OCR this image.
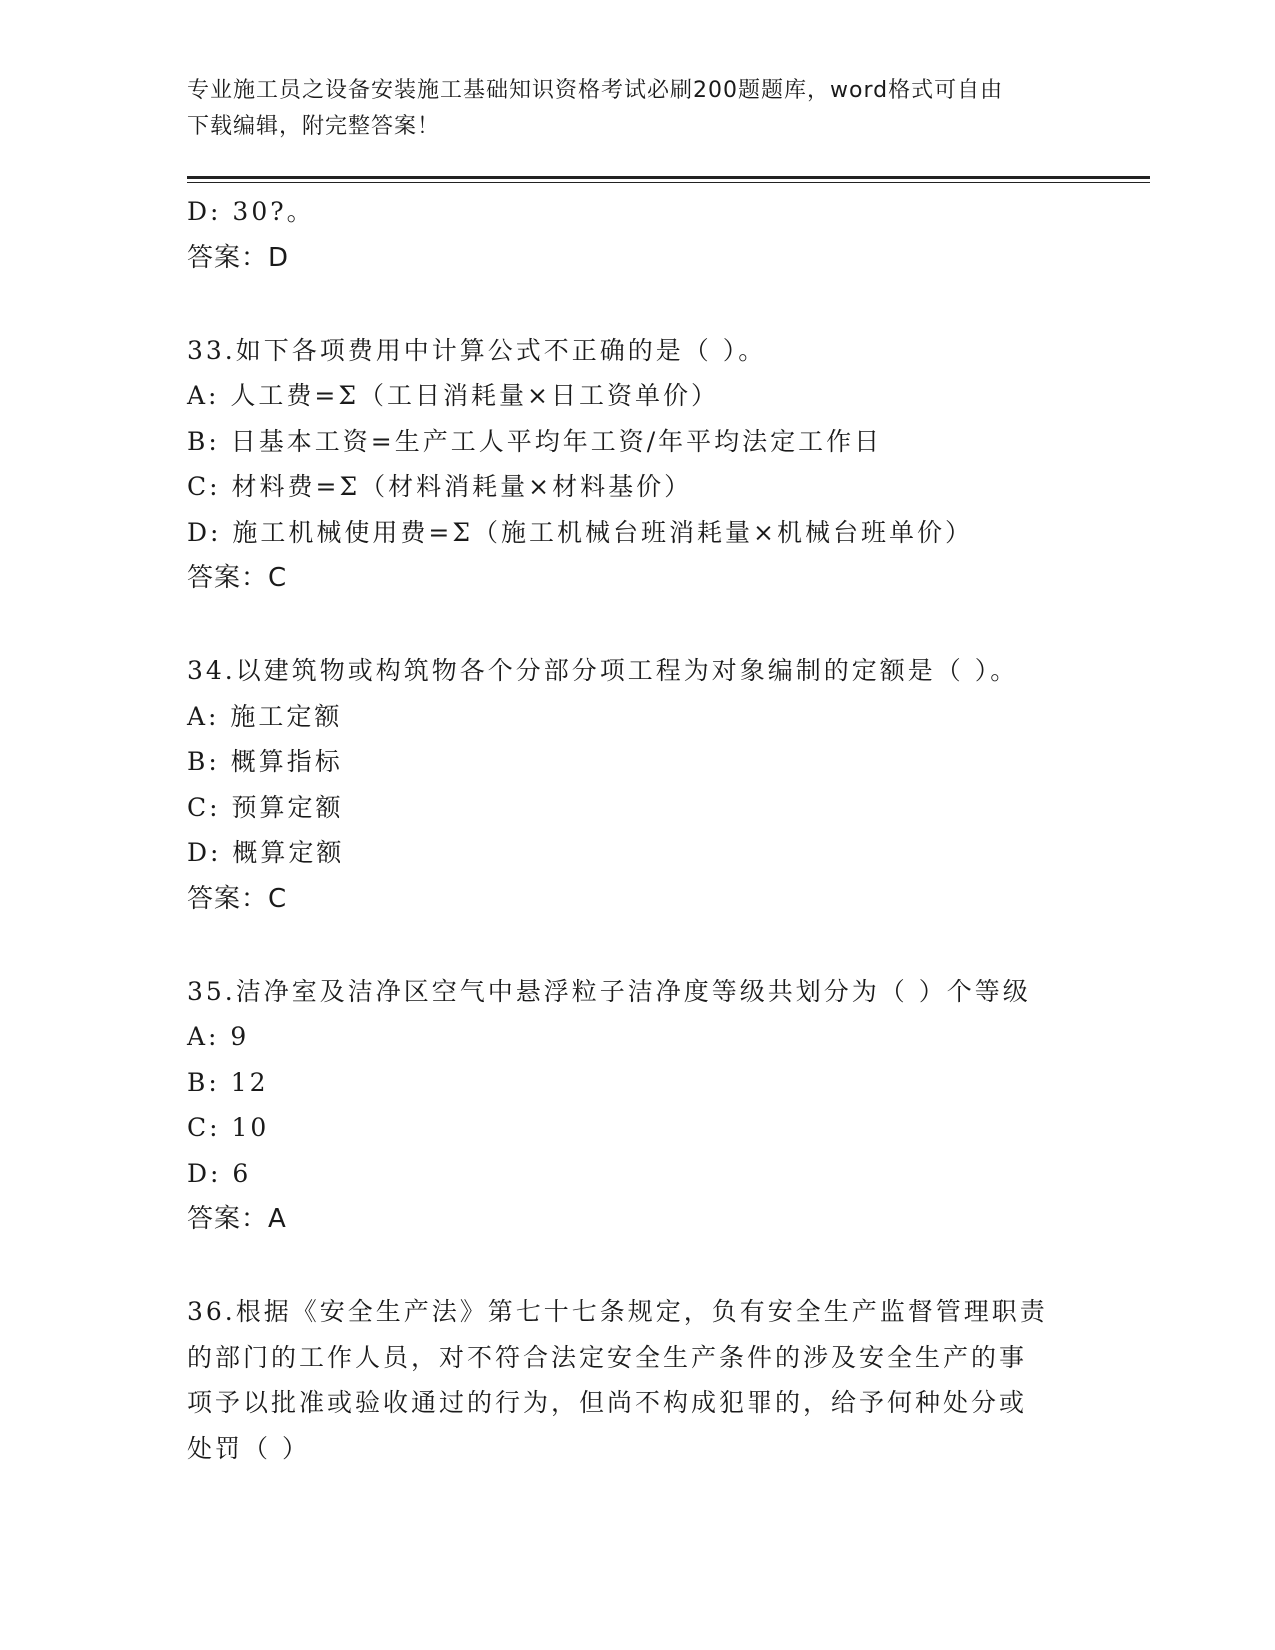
专业施工员之设备安装施工基础知识资格考试必刷200题题库，word格式可自由
下载编辑，附完整答案！
D: 30?。
答案：D
33.如下各项费用中计算公式不正确的是（ ）。
A: 人工费=Σ（工日消耗量×日工资单价）
B: 日基本工资=生产工人平均年工资/年平均法定工作日
C: 材料费=Σ（材料消耗量×材料基价）
D: 施工机械使用费=Σ（施工机械台班消耗量×机械台班单价）
答案：C
34.以建筑物或构筑物各个分部分项工程为对象编制的定额是（ ）。
A: 施工定额
B: 概算指标
C: 预算定额
D: 概算定额
答案：C
35.洁净室及洁净区空气中悬浮粒子洁净度等级共划分为（ ）个等级
A: 9
B: 12
C: 10
D: 6
答案：A
36.根据《安全生产法》第七十七条规定，负有安全生产监督管理职责
的部门的工作人员，对不符合法定安全生产条件的涉及安全生产的事
项予以批准或验收通过的行为，但尚不构成犯罪的，给予何种处分或
处罚（ ）
